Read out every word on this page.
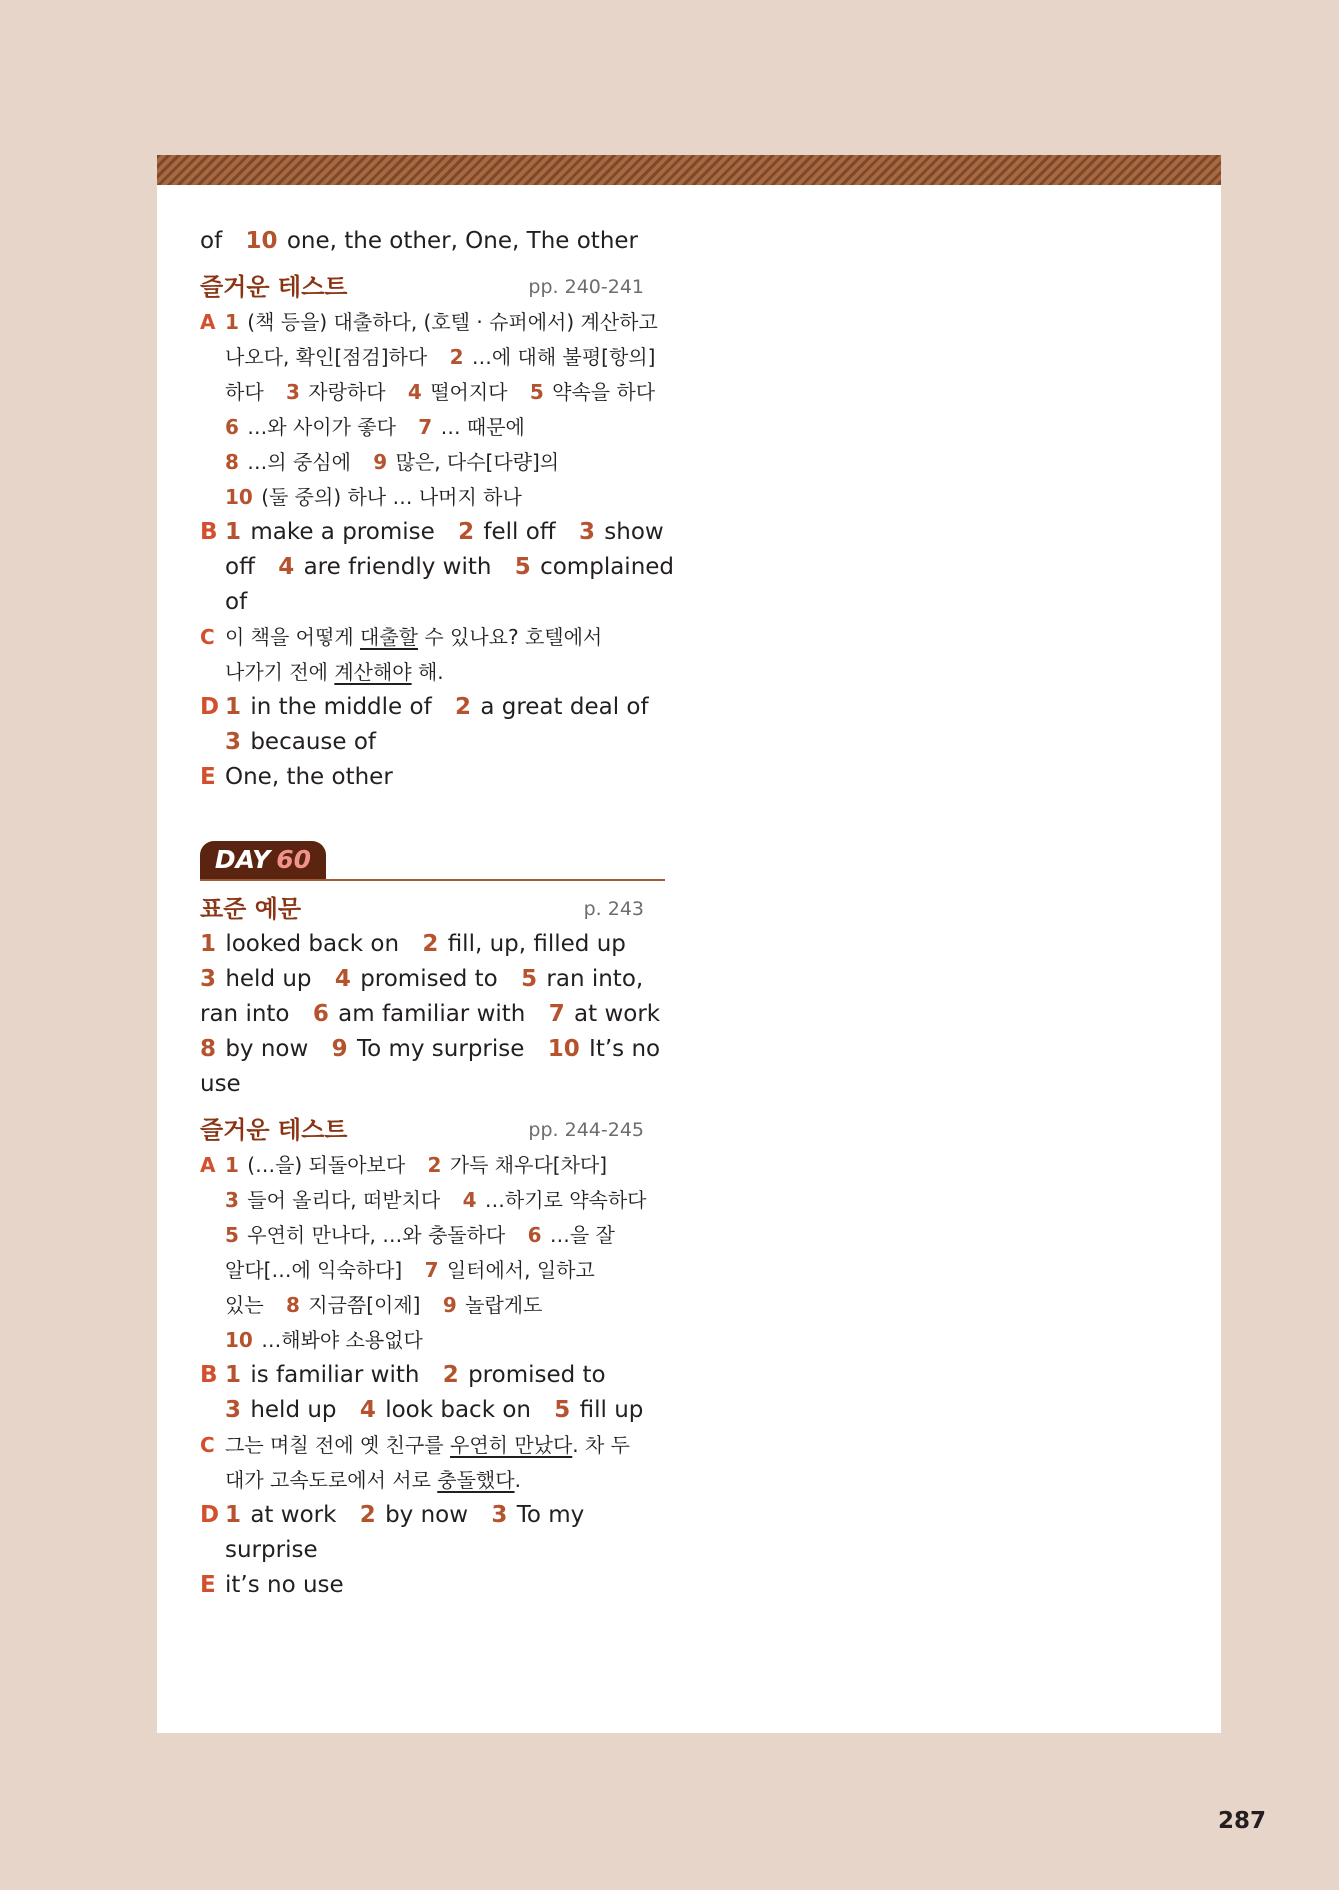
of 10 one, the other, One, The other
즐거운 테스트	pp. 240-241
A 1 (책 등을) 대출하다, (호텔 · 슈퍼에서) 계산하고
나오다, 확인[점검]하다 2 …에 대해 불평[항의]
하다 3 자랑하다 4 떨어지다 5 약속을 하다
6 …와 사이가 좋다 7 … 때문에
8 …의 중심에 9 많은, 다수[다량]의
10 (둘 중의) 하나 … 나머지 하나
B 1 make a promise 2 fell off 3 show
off 4 are friendly with 5 complained
of
C 이 책을 어떻게 대출할 수 있나요? 호텔에서
나가기 전에 계산해야 해.
D 1 in the middle of 2 a great deal of
3 because of
E One, the other
DAY 60
표준 예문	p. 243
1 looked back on 2 fill, up, filled up
3 held up 4 promised to 5 ran into,
ran into 6 am familiar with 7 at work
8 by now 9 To my surprise 10 It’s no
use
즐거운 테스트	pp. 244-245
A 1 (…을) 되돌아보다 2 가득 채우다[차다]
3 들어 올리다, 떠받치다 4 …하기로 약속하다
5 우연히 만나다, …와 충돌하다 6 …을 잘
알다[…에 익숙하다] 7 일터에서, 일하고
있는 8 지금쯤[이제] 9 놀랍게도
10 …해봐야 소용없다
B 1 is familiar with 2 promised to
3 held up 4 look back on 5 fill up
C 그는 며칠 전에 옛 친구를 우연히 만났다. 차 두
대가 고속도로에서 서로 충돌했다.
D 1 at work 2 by now 3 To my
surprise
E it’s no use
287
